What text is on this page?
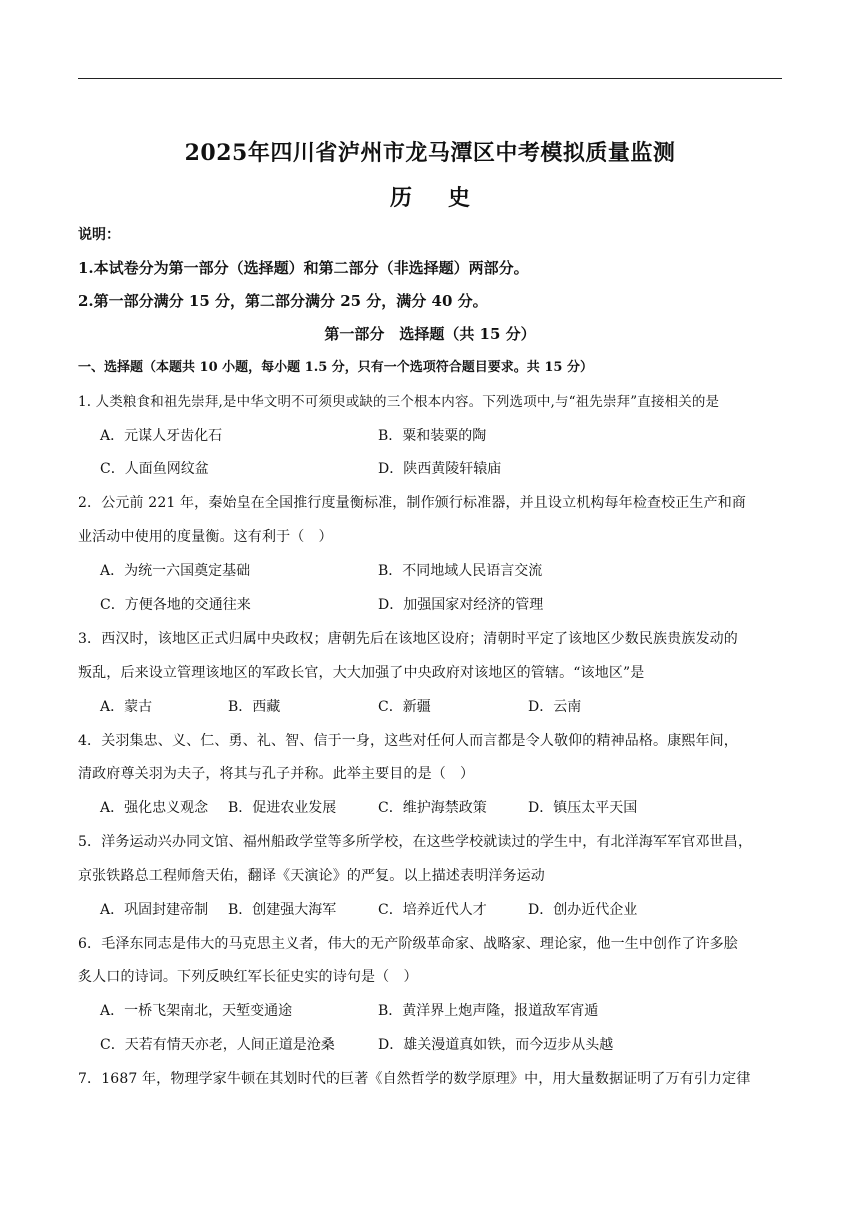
2025年四川省泸州市龙马潭区中考模拟质量监测
历 史
说明：
1.本试卷分为第一部分（选择题）和第二部分（非选择题）两部分。
2.第一部分满分 15 分，第二部分满分 25 分，满分 40 分。
第一部分　选择题（共 15 分）
一、选择题（本题共 10 小题，每小题 1.5 分，只有一个选项符合题目要求。共 15 分）
1. 人类粮食和祖先崇拜,是中华文明不可须臾或缺的三个根本内容。下列选项中,与“祖先崇拜”直接相关的是
A．元谋人牙齿化石	B．粟和装粟的陶
C．人面鱼网纹盆	D．陕西黄陵轩辕庙
2．公元前 221 年，秦始皇在全国推行度量衡标准，制作颁行标准器，并且设立机构每年检查校正生产和商
业活动中使用的度量衡。这有利于（　）
A．为统一六国奠定基础	B．不同地域人民语言交流
C．方便各地的交通往来	D．加强国家对经济的管理
3．西汉时，该地区正式归属中央政权；唐朝先后在该地区设府；清朝时平定了该地区少数民族贵族发动的
叛乱，后来设立管理该地区的军政长官，大大加强了中央政府对该地区的管辖。“该地区”是
A．蒙古	B．西藏	C．新疆	D．云南
4．关羽集忠、义、仁、勇、礼、智、信于一身，这些对任何人而言都是令人敬仰的精神品格。康熙年间，
清政府尊关羽为夫子，将其与孔子并称。此举主要目的是（　）
A．强化忠义观念 B．促进农业发展	C．维护海禁政策	D．镇压太平天国
5．洋务运动兴办同文馆、福州船政学堂等多所学校，在这些学校就读过的学生中，有北洋海军军官邓世昌，
京张铁路总工程师詹天佑，翻译《天演论》的严复。以上描述表明洋务运动
A．巩固封建帝制 B．创建强大海军	C．培养近代人才	D．创办近代企业
6．毛泽东同志是伟大的马克思主义者，伟大的无产阶级革命家、战略家、理论家，他一生中创作了许多脍
炙人口的诗词。下列反映红军长征史实的诗句是（　）
A．一桥飞架南北，天堑变通途	B．黄洋界上炮声隆，报道敌军宵遁
C．天若有情天亦老，人间正道是沧桑	D．雄关漫道真如铁，而今迈步从头越
7．1687 年，物理学家牛顿在其划时代的巨著《自然哲学的数学原理》中，用大量数据证明了万有引力定律
